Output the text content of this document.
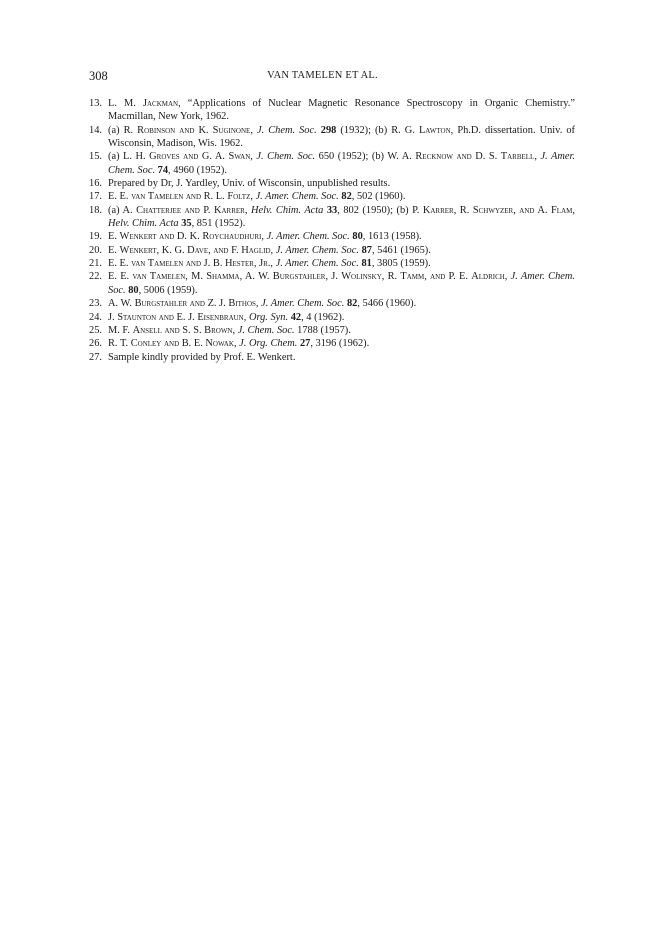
308	VAN TAMELEN ET AL.
13. L. M. Jackman, “Applications of Nuclear Magnetic Resonance Spectroscopy in Organic Chemistry.” Macmillan, New York, 1962.
14. (a) R. Robinson and K. Suginone, J. Chem. Soc. 298 (1932); (b) R. G. Lawton, Ph.D. dissertation. Univ. of Wisconsin, Madison, Wis. 1962.
15. (a) L. H. Groves and G. A. Swan, J. Chem. Soc. 650 (1952); (b) W. A. Recknow and D. S. Tarbell, J. Amer. Chem. Soc. 74, 4960 (1952).
16. Prepared by Dr, J. Yardley, Univ. of Wisconsin, unpublished results.
17. E. E. van Tamelen and R. L. Foltz, J. Amer. Chem. Soc. 82, 502 (1960).
18. (a) A. Chatterjee and P. Karrer, Helv. Chim. Acta 33, 802 (1950); (b) P. Karrer, R. Schwyzer, and A. Flam, Helv. Chim. Acta 35, 851 (1952).
19. E. Wenkert and D. K. Roychaudhuri, J. Amer. Chem. Soc. 80, 1613 (1958).
20. E. Wenkert, K. G. Dave, and F. Haglid, J. Amer. Chem. Soc. 87, 5461 (1965).
21. E. E. van Tamelen and J. B. Hester, Jr., J. Amer. Chem. Soc. 81, 3805 (1959).
22. E. E. van Tamelen, M. Shamma, A. W. Burgstahler, J. Wolinsky, R. Tamm, and P. E. Aldrich, J. Amer. Chem. Soc. 80, 5006 (1959).
23. A. W. Burgstahler and Z. J. Bithos, J. Amer. Chem. Soc. 82, 5466 (1960).
24. J. Staunton and E. J. Eisenbraun, Org. Syn. 42, 4 (1962).
25. M. F. Ansell and S. S. Brown, J. Chem. Soc. 1788 (1957).
26. R. T. Conley and B. E. Nowak, J. Org. Chem. 27, 3196 (1962).
27. Sample kindly provided by Prof. E. Wenkert.
